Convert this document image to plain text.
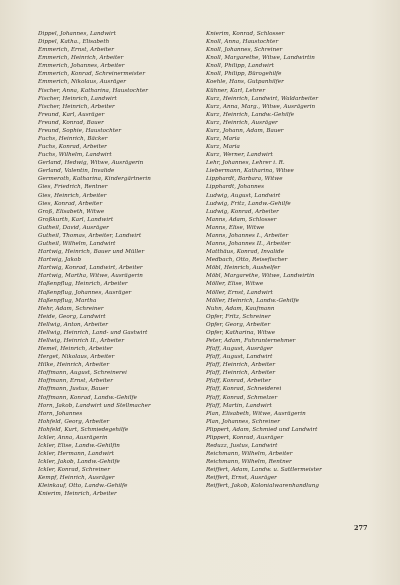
Dippel, Johannes, Landwirt
Dippel, Katha., Elisabeth
Emmerich, Ernst, Arbeiter
Emmerich, Heinrich, Arbeiter
Emmerich, Johannes, Arbeiter
Emmerich, Konrad, Schreinermeister
Emmerich, Nikolaus, Ausräger
Fischer, Anna, Katharina, Haustochter
Fischer, Heinrich, Landwirt
Fischer, Heinrich, Arbeiter
Freund, Karl, Ausräger
Freund, Konrad, Bauer
Freund, Sophie, Haustochter
Fuchs, Heinrich, Bäcker
Fuchs, Konrad, Arbeiter
Fuchs, Wilhelm, Landwirt
Gerland, Hedwig, Witwe, Ausrägerin
Gerland, Valentin, Invalide
Germeroth, Katharina, Kindergärtnerin
Gies, Friedrich, Rentner
Gies, Heinrich, Arbeiter
Gies, Konrad, Arbeiter
Groß, Elisabeth, Witwe
Großkurth, Karl, Landwirt
Gutheil, David, Ausräger
Gutheil, Thomas, Arbeiter, Landwirt
Gutheil, Wilhelm, Landwirt
Hartwig, Heinrich, Bauer und Müller
Hartwig, Jakob
Hartwig, Konrad, Landwirt, Arbeiter
Hartwig, Martha, Witwe, Ausrägerin
Haßenpflug, Heinrich, Arbeiter
Haßenpflug, Johannes, Ausräger
Haßenpflug, Martha
Hehr, Adam, Schreiner
Heide, Georg, Landwirt
Hellwig, Anton, Arbeiter
Hellwig, Heinrich, Land- und Gastwirt
Hellwig, Heinrich II., Arbeiter
Hemel, Heinrich, Arbeiter
Herget, Nikolaus, Arbeiter
Hilke, Heinrich, Arbeiter
Hoffmann, August, Schreinerei
Hoffmann, Ernst, Arbeiter
Hoffmann, Justus, Bauer
Hoffmann, Konrad, Landw.-Gehilfe
Horn, Jakob, Landwirt und Stellmacher
Horn, Johannes
Hohfeld, Georg, Arbeiter
Hohfeld, Kurt, Schmiedegehilfe
Ickler, Anna, Ausrägerin
Ickler, Elise, Landw.-Gehilfin
Ickler, Hermann, Landwirt
Ickler, Jakob, Landw.-Gehilfe
Ickler, Konrad, Schreiner
Kempf, Heinrich, Ausräger
Kleinkauf, Otto, Landw.-Gehilfe
Knierim, Heinrich, Arbeiter
Knierim, Konrad, Schlosser
Knoll, Anna, Haustochter
Knoll, Johannes, Schreiner
Knoll, Margarethe, Witwe, Landwirtin
Knoll, Philipp, Landwirt
Knoll, Philipp, Bürogehilfe
Koehle, Hans, Gutpanhilfer
Kühner, Karl, Lehrer
Kurz, Heinrich, Landwirt, Waldarbeiter
Kurz, Anna, Marg., Witwe, Ausrägerin
Kurz, Heinrich, Landw.-Gehilfe
Kurz, Heinrich, Ausräger
Kurz, Johann, Adam, Bauer
Kurz, Maria
Kurz, Maria
Kurz, Werner, Landwirt
Lehr, Johannes, Lehrer i. R.
Liebermann, Katharina, Witwe
Lipphardt, Barbara, Witwe
Lipphardt, Johannes
Ludwig, August, Landwirt
Ludwig, Fritz, Landw.-Gehilfe
Ludwig, Konrad, Arbeiter
Manns, Adam, Schlosser
Manns, Elise, Witwe
Manns, Johannes I., Arbeiter
Manns, Johannes II., Arbeiter
Matthäus, Konrad, Invalide
Medbach, Otto, Reisefischer
Möbl, Heinrich, Aushelfer
Möbl, Margarethe, Witwe, Landwirtin
Möller, Elise, Witwe
Möller, Ernst, Landwirt
Möller, Heinrich, Landw.-Gehilfe
Nuhn, Adam, Kaufmann
Opfer, Fritz, Schreiner
Opfer, Georg, Arbeiter
Opfer, Katharina, Witwe
Peter, Adam, Fuhrunternehmer
Pfaff, August, Ausräger
Pfaff, August, Landwirt
Pfaff, Heinrich, Arbeiter
Pfaff, Heinrich, Arbeiter
Pfaff, Konrad, Arbeiter
Pfaff, Konrad, Schneiderei
Pfaff, Konrad, Schmelzer
Pfaff, Martin, Landwirt
Plan, Elisabeth, Witwe, Ausrägerin
Plan, Johannes, Schreiner
Plippert, Adam, Schmied und Landwirt
Plippert, Konrad, Ausräger
Reduzz, Justus, Landwirt
Reichmann, Wilhelm, Arbeiter
Reichmann, Wilhelm, Rentner
Reiffert, Adam, Landw. u. Sattlermeister
Reiffert, Ernst, Ausräger
Reiffert, Jakob, Kolonialwarenhandlung
277
